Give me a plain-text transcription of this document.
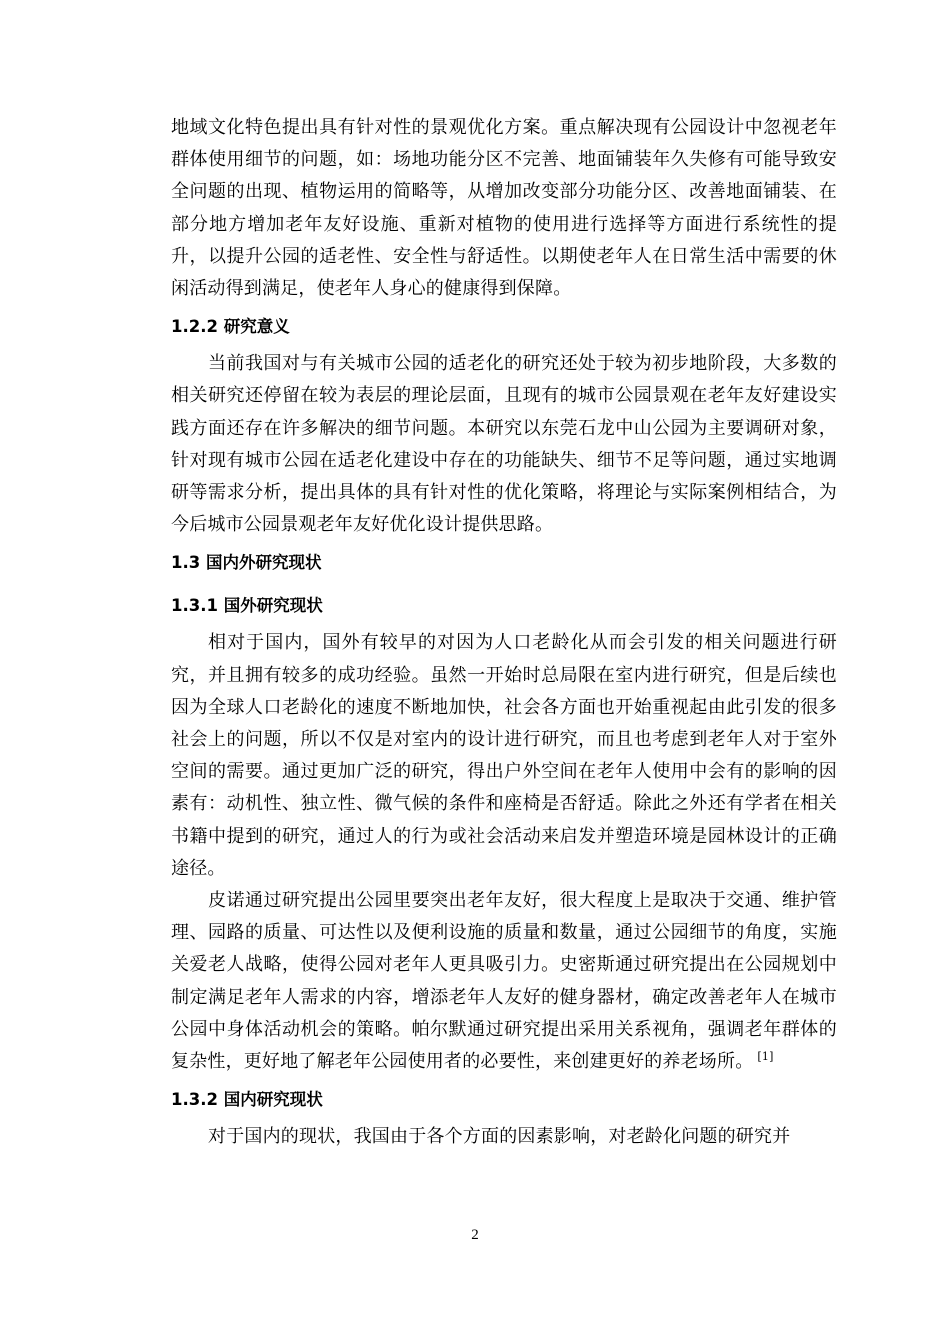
地域文化特色提出具有针对性的景观优化方案。重点解决现有公园设计中忽视老年群体使用细节的问题，如：场地功能分区不完善、地面铺装年久失修有可能导致安全问题的出现、植物运用的简略等，从增加改变部分功能分区、改善地面铺装、在部分地方增加老年友好设施、重新对植物的使用进行选择等方面进行系统性的提升，以提升公园的适老性、安全性与舒适性。以期使老年人在日常生活中需要的休闲活动得到满足，使老年人身心的健康得到保障。

1.2.2 研究意义

当前我国对与有关城市公园的适老化的研究还处于较为初步地阶段，大多数的相关研究还停留在较为表层的理论层面，且现有的城市公园景观在老年友好建设实践方面还存在许多解决的细节问题。本研究以东莞石龙中山公园为主要调研对象，针对现有城市公园在适老化建设中存在的功能缺失、细节不足等问题，通过实地调研等需求分析，提出具体的具有针对性的优化策略，将理论与实际案例相结合，为今后城市公园景观老年友好优化设计提供思路。

1.3 国内外研究现状
1.3.1 国外研究现状

相对于国内，国外有较早的对因为人口老龄化从而会引发的相关问题进行研究，并且拥有较多的成功经验。虽然一开始时总局限在室内进行研究，但是后续也因为全球人口老龄化的速度不断地加快，社会各方面也开始重视起由此引发的很多社会上的问题，所以不仅是对室内的设计进行研究，而且也考虑到老年人对于室外空间的需要。通过更加广泛的研究，得出户外空间在老年人使用中会有的影响的因素有：动机性、独立性、微气候的条件和座椅是否舒适。除此之外还有学者在相关书籍中提到的研究，通过人的行为或社会活动来启发并塑造环境是园林设计的正确途径。

皮诺通过研究提出公园里要突出老年友好，很大程度上是取决于交通、维护管理、园路的质量、可达性以及便利设施的质量和数量，通过公园细节的角度，实施关爱老人战略，使得公园对老年人更具吸引力。史密斯通过研究提出在公园规划中制定满足老年人需求的内容，增添老年人友好的健身器材，确定改善老年人在城市公园中身体活动机会的策略。帕尔默通过研究提出采用关系视角，强调老年群体的复杂性，更好地了解老年公园使用者的必要性，来创建更好的养老场所。 [1]

1.3.2 国内研究现状

对于国内的现状，我国由于各个方面的因素影响，对老龄化问题的研究并

2
